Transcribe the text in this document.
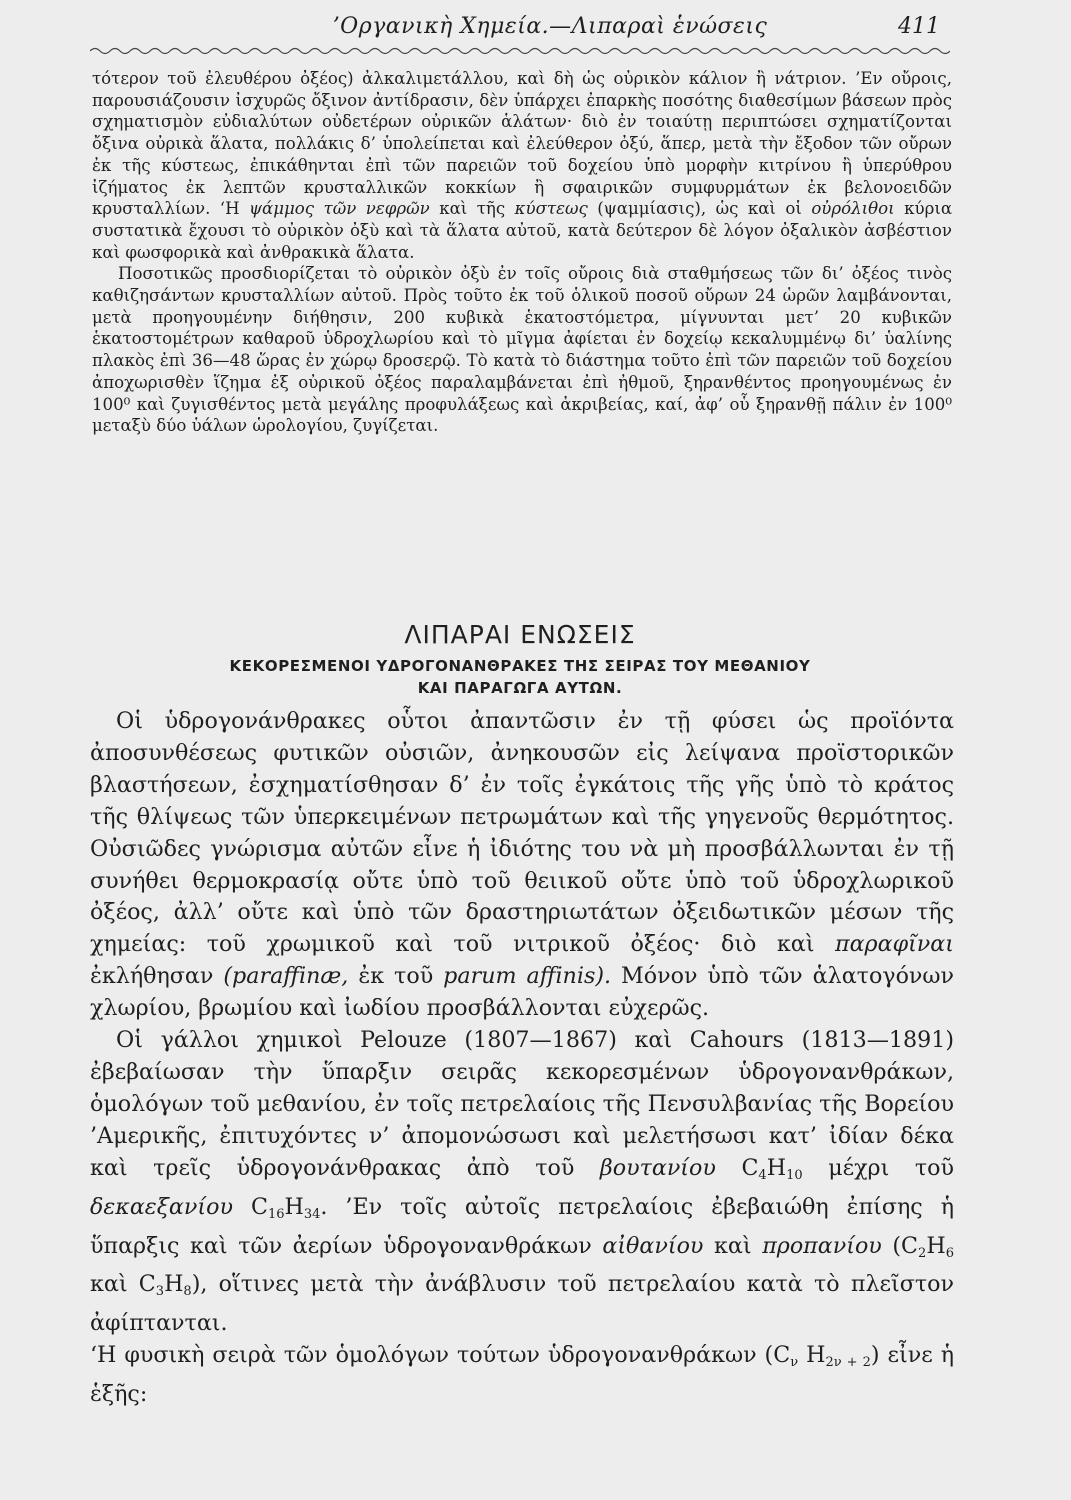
’Οργανικὴ Χημεία.—Λιπαραὶ ἑνώσεις	411

τότερον τοῦ ἐλευθέρου ὀξέος) ἀλκαλιμετάλλου, καὶ δὴ ὡς οὐρικὸν κάλιον ἢ νάτριον. ’Εν οὔροις, παρουσιάζουσιν ἰσχυρῶς ὄξινον ἀντίδρασιν, δὲν ὑπάρχει ἐπαρκὴς ποσότης διαθεσίμων βάσεων πρὸς σχηματισμὸν εὐδιαλύτων οὐδετέρων οὐρικῶν ἁλάτων· διὸ ἐν τοιαύτῃ περιπτώσει σχηματίζονται ὄξινα οὐρικὰ ἅλατα, πολλάκις δ’ ὑπολείπεται καὶ ἐλεύθερον ὀξύ, ἅπερ, μετὰ τὴν ἔξοδον τῶν οὔρων ἐκ τῆς κύστεως, ἐπικάθηνται ἐπὶ τῶν παρειῶν τοῦ δοχείου ὑπὸ μορφὴν κιτρίνου ἢ ὑπερύθρου ἰζήματος ἐκ λεπτῶν κρυσταλλικῶν κοκκίων ἢ σφαιρικῶν συμφυρμάτων ἐκ βελονοειδῶν κρυσταλλίων. ‘Η ψάμμος τῶν νεφρῶν καὶ τῆς κύστεως (ψαμμίασις), ὡς καὶ οἱ οὐρόλιθοι κύρια συστατικὰ ἔχουσι τὸ οὐρικὸν ὀξὺ καὶ τὰ ἅλατα αὐτοῦ, κατὰ δεύτερον δὲ λόγον ὀξαλικὸν ἀσβέστιον καὶ φωσφορικὰ καὶ ἀνθρακικὰ ἅλατα.

Ποσοτικῶς προσδιορίζεται τὸ οὐρικὸν ὀξὺ ἐν τοῖς οὔροις διὰ σταθμήσεως τῶν δι’ ὀξέος τινὸς καθιζησάντων κρυσταλλίων αὐτοῦ. Πρὸς τοῦτο ἐκ τοῦ ὁλικοῦ ποσοῦ οὔρων 24 ὡρῶν λαμβάνονται, μετὰ προηγουμένην διήθησιν, 200 κυβικὰ ἑκατοστόμετρα, μίγνυνται μετ’ 20 κυβικῶν ἑκατοστομέτρων καθαροῦ ὑδροχλωρίου καὶ τὸ μῖγμα ἀφίεται ἐν δοχείῳ κεκαλυμμένῳ δι’ ὑαλίνης πλακὸς ἐπὶ 36—48 ὥρας ἐν χώρῳ δροσερῷ. Τὸ κατὰ τὸ διάστημα τοῦτο ἐπὶ τῶν παρειῶν τοῦ δοχείου ἀποχωρισθὲν ἵζημα ἐξ οὐρικοῦ ὀξέος παραλαμβάνεται ἐπὶ ἠθμοῦ, ξηρανθέντος προηγουμένως ἐν 100⁰ καὶ ζυγισθέντος μετὰ μεγάλης προφυλάξεως καὶ ἀκριβείας, καί, ἀφ’ οὗ ξηρανθῇ πάλιν ἐν 100⁰ μεταξὺ δύο ὑάλων ὡρολογίου, ζυγίζεται.

ΛΙΠΑΡΑΙ ΕΝΩΣΕΙΣ
ΚΕΚΟΡΕΣΜΕΝΟΙ ΥΔΡΟΓΟΝΑΝΘΡΑΚΕΣ ΤΗΣ ΣΕΙΡΑΣ ΤΟΥ ΜΕΘΑΝΙΟΥ
ΚΑΙ ΠΑΡΑΓΩΓΑ ΑΥΤΩΝ.

Οἱ ὑδρογονάνθρακες οὗτοι ἀπαντῶσιν ἐν τῇ φύσει ὡς προϊόντα ἀποσυνθέσεως φυτικῶν οὐσιῶν, ἀνηκουσῶν εἰς λείψανα προϊστορικῶν βλαστήσεων, ἐσχηματίσθησαν δ’ ἐν τοῖς ἐγκάτοις τῆς γῆς ὑπὸ τὸ κράτος τῆς θλίψεως τῶν ὑπερκειμένων πετρωμάτων καὶ τῆς γηγενοῦς θερμότητος. Οὐσιῶδες γνώρισμα αὐτῶν εἶνε ἡ ἰδιότης του νὰ μὴ προσβάλλωνται ἐν τῇ συνήθει θερμοκρασίᾳ οὔτε ὑπὸ τοῦ θειικοῦ οὔτε ὑπὸ τοῦ ὑδροχλωρικοῦ ὀξέος, ἀλλ’ οὔτε καὶ ὑπὸ τῶν δραστηριωτάτων ὀξειδωτικῶν μέσων τῆς χημείας: τοῦ χρωμικοῦ καὶ τοῦ νιτρικοῦ ὀξέος· διὸ καὶ παραφῖναι ἐκλήθησαν (paraffinæ, ἐκ τοῦ parum affinis). Μόνον ὑπὸ τῶν ἁλατογόνων χλωρίου, βρωμίου καὶ ἰωδίου προσβάλλονται εὐχερῶς.

Οἱ γάλλοι χημικοὶ Pelouze (1807—1867) καὶ Cahours (1813—1891) ἐβεβαίωσαν τὴν ὕπαρξιν σειρᾶς κεκορεσμένων ὑδρογονανθράκων, ὁμολόγων τοῦ μεθανίου, ἐν τοῖς πετρελαίοις τῆς Πενσυλβανίας τῆς Βορείου ’Αμερικῆς, ἐπιτυχόντες ν’ ἀπομονώσωσι καὶ μελετήσωσι κατ’ ἰδίαν δέκα καὶ τρεῖς ὑδρογονάνθρακας ἀπὸ τοῦ βουτανίου $C_4H_{10}$ μέχρι τοῦ δεκαεξανίου $C_{16}H_{34}$. ’Εν τοῖς αὐτοῖς πετρελαίοις ἐβεβαιώθη ἐπίσης ἡ ὕπαρξις καὶ τῶν ἀερίων ὑδρογονανθράκων αἰθανίου καὶ προπανίου ($C_2H_6$ καὶ $C_3H_8$), οἵτινες μετὰ τὴν ἀνάβλυσιν τοῦ πετρελαίου κατὰ τὸ πλεῖστον ἀφίπτανται.

‘Η φυσικὴ σειρὰ τῶν ὁμολόγων τούτων ὑδρογονανθράκων ($C_\nu$ $H_{2\nu + 2}$) εἶνε ἡ ἑξῆς:
